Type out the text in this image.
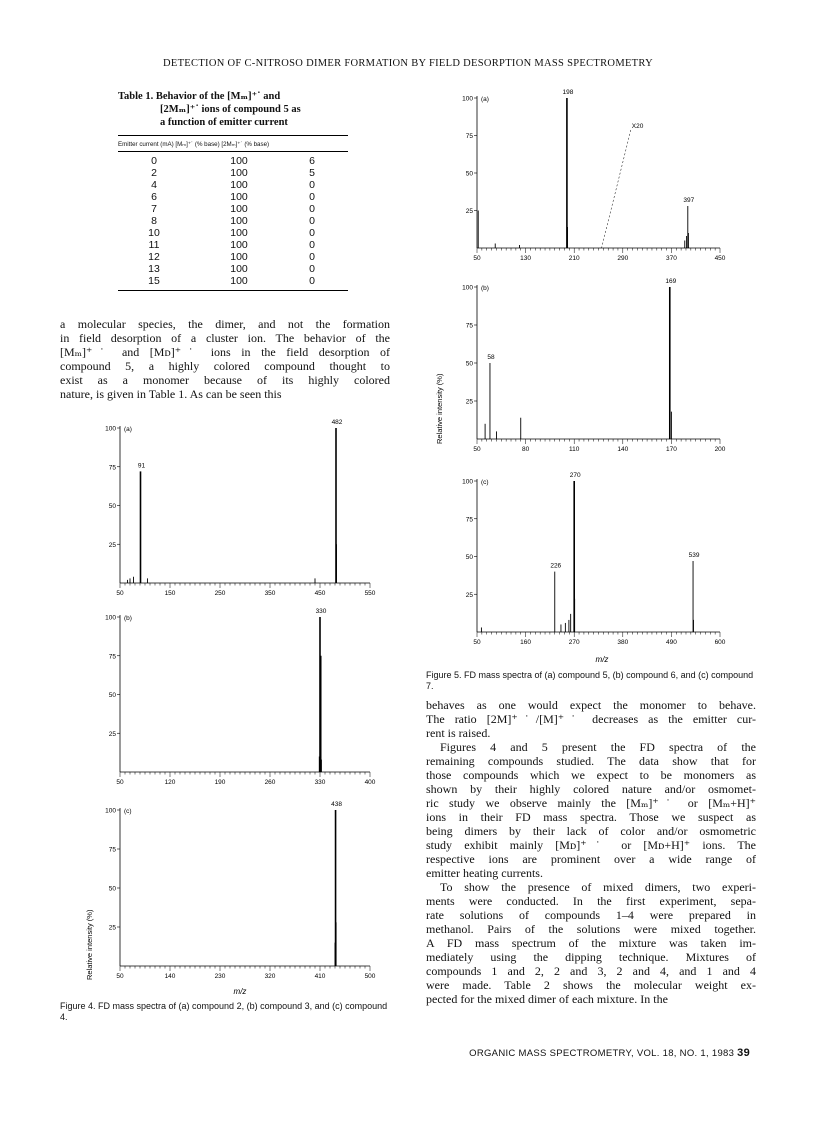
DETECTION OF C-NITROSO DIMER FORMATION BY FIELD DESORPTION MASS SPECTROMETRY
Table 1. Behavior of the [Mₘ]⁺˙ and

[2Mₘ]⁺˙ ions of compound 5 as
a function of emitter current
Emitter current (mA) [Mₘ]⁺˙ (% base) [2Mₘ]⁺˙ (% base)
0	100	6
2	100	5
4	100	0
6	100	0
7	100	0
8	100	0
10	100	0
11	100	0
12	100	0
13	100	0
15	100	0

a molecular species, the dimer, and not the formation

in field desorption of a cluster ion. The behavior of the

[Mₘ]⁺˙ and [Mᴅ]⁺˙ ions in the field desorption of

compound 5, a highly colored compound thought to

exist as a monomer because of its highly colored

nature, is given in Table 1. As can be seen this

Relative intensity (%)
50	150	250	350	450	550
25
50
75
100 (a)
91
482
50	120	190	260	330	400
25
50
75
100 (b)
330
50	140	230	320	410	500
25
50
75
100 (c)
438
m/z
Figure 4. FD mass spectra of (a) compound 2, (b) compound 3, and (c) compound 4.
Relative intensity (%)
50	130	210	290	370	450
25
50
75
100 (a)
198
397
X20
50	80	110	140	170	200
25
50
75
100 (b)
58
169
50	160	270	380	490	600
25
50
75
100 (c)
226
270
539
m/z
Figure 5. FD mass spectra of (a) compound 5, (b) compound 6, and (c) compound 7.

behaves as one would expect the monomer to behave.

The ratio [2M]⁺˙/[M]⁺˙ decreases as the emitter cur-

rent is raised.

Figures 4 and 5 present the FD spectra of the

remaining compounds studied. The data show that for

those compounds which we expect to be monomers as

shown by their highly colored nature and/or osmomet-

ric study we observe mainly the [Mₘ]⁺˙ or [Mₘ+H]⁺

ions in their FD mass spectra. Those we suspect as

being dimers by their lack of color and/or osmometric

study exhibit mainly [Mᴅ]⁺˙ or [Mᴅ+H]⁺ ions. The

respective ions are prominent over a wide range of

emitter heating currents.

To show the presence of mixed dimers, two experi-

ments were conducted. In the first experiment, sepa-

rate solutions of compounds 1–4 were prepared in

methanol. Pairs of the solutions were mixed together.

A FD mass spectrum of the mixture was taken im-

mediately using the dipping technique. Mixtures of

compounds 1 and 2, 2 and 3, 2 and 4, and 1 and 4

were made. Table 2 shows the molecular weight ex-

pected for the mixed dimer of each mixture. In the

ORGANIC MASS SPECTROMETRY, VOL. 18, NO. 1, 1983 39
